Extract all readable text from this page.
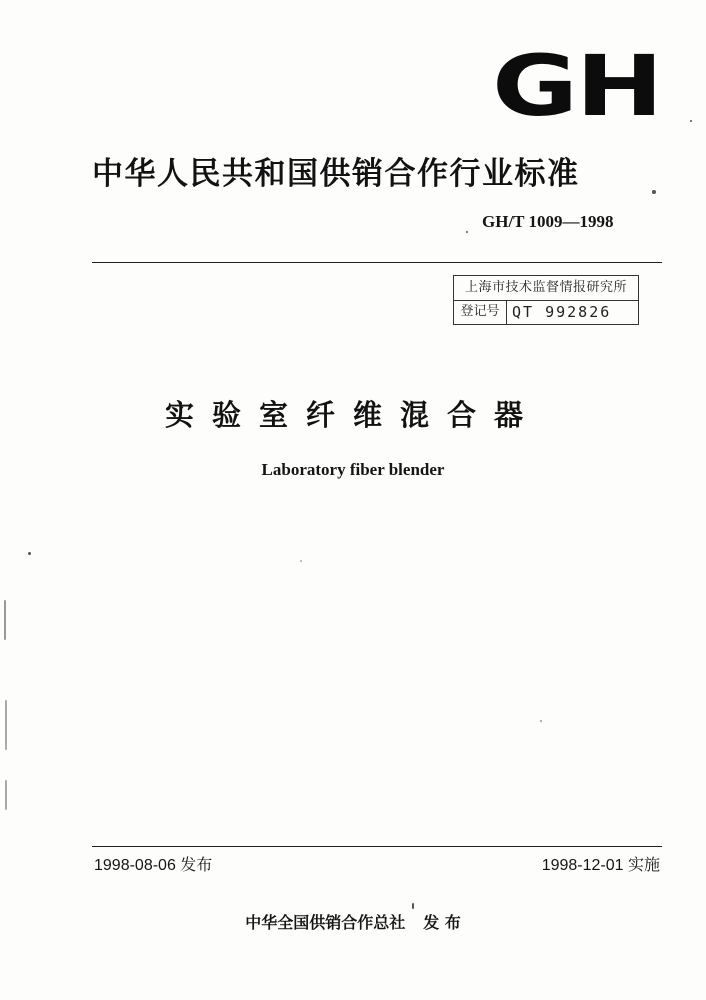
GH
中华人民共和国供销合作行业标准
GH/T 1009—1998
上海市技术监督情报研究所
登记号 QT 992826
实验室纤维混合器
Laboratory fiber blender
1998-08-06 发布	1998-12-01 实施
中华全国供销合作总社 发 布
